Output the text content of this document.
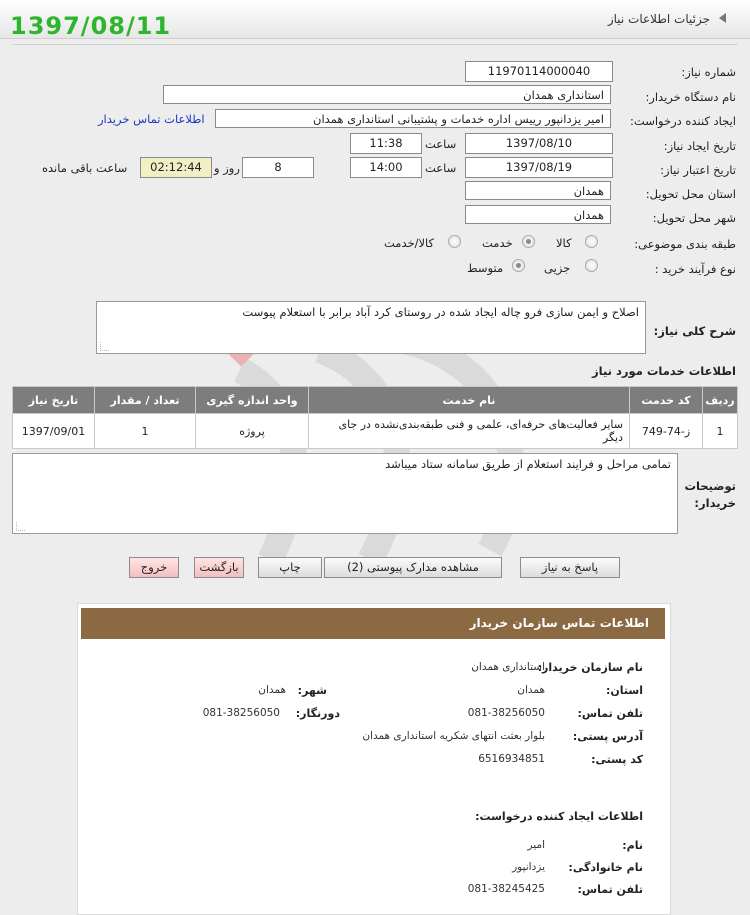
جزئیات اطلاعات نیاز
1397/08/11
شماره نیاز:
1197011400004‌0
نام دستگاه خریدار:
استانداری همدان
ایجاد کننده درخواست:
امیر یزدانپور رییس اداره خدمات و پشتیبانی استانداری همدان
اطلاعات تماس خریدار
تاریخ ایجاد نیاز:
1397/08/10
ساعت
11:38
تاریخ اعتبار نیاز:
1397/08/19
ساعت
14:00
8
روز و
02:12:44
ساعت باقی مانده
استان محل تحویل:
همدان
شهر محل تحویل:
همدان
طبقه بندی موضوعی:
کالا
خدمت
کالا/خدمت
نوع فرآیند خرید :
جزیی
متوسط
شرح کلی نیاز:
اصلاح و ایمن سازی فرو چاله ایجاد شده در روستای کرد آباد برابر با استعلام پیوست
اطلاعات خدمات مورد نیاز
ردیف	کد خدمت	نام خدمت	واحد اندازه گیری	تعداد / مقدار	تاریخ نیاز
1	ز-74-749	سایر فعالیت‌های حرفه‌ای، علمی و فنی طبقه‌بندی‌نشده در جای دیگر	پروژه	1	1397/09/01
توضیحات خریدار:
تمامی مراحل و فرایند استعلام از طریق سامانه ستاد میباشد
پاسخ به نیاز
مشاهده مدارک پیوستی (2)
چاپ
بازگشت
خروج
اطلاعات تماس سازمان خریدار
نام سازمان خریدار:
استانداری همدان
استان:
همدان
شهر:
همدان
تلفن تماس:
081-38256050
دورنگار:
081-38256050
آدرس پستی:
بلوار بعثت انتهای شکریه استانداری همدان
کد پستی:
6516934851
اطلاعات ایجاد کننده درخواست:
نام:
امیر
نام خانوادگی:
یزدانپور
تلفن تماس:
081-38245425
